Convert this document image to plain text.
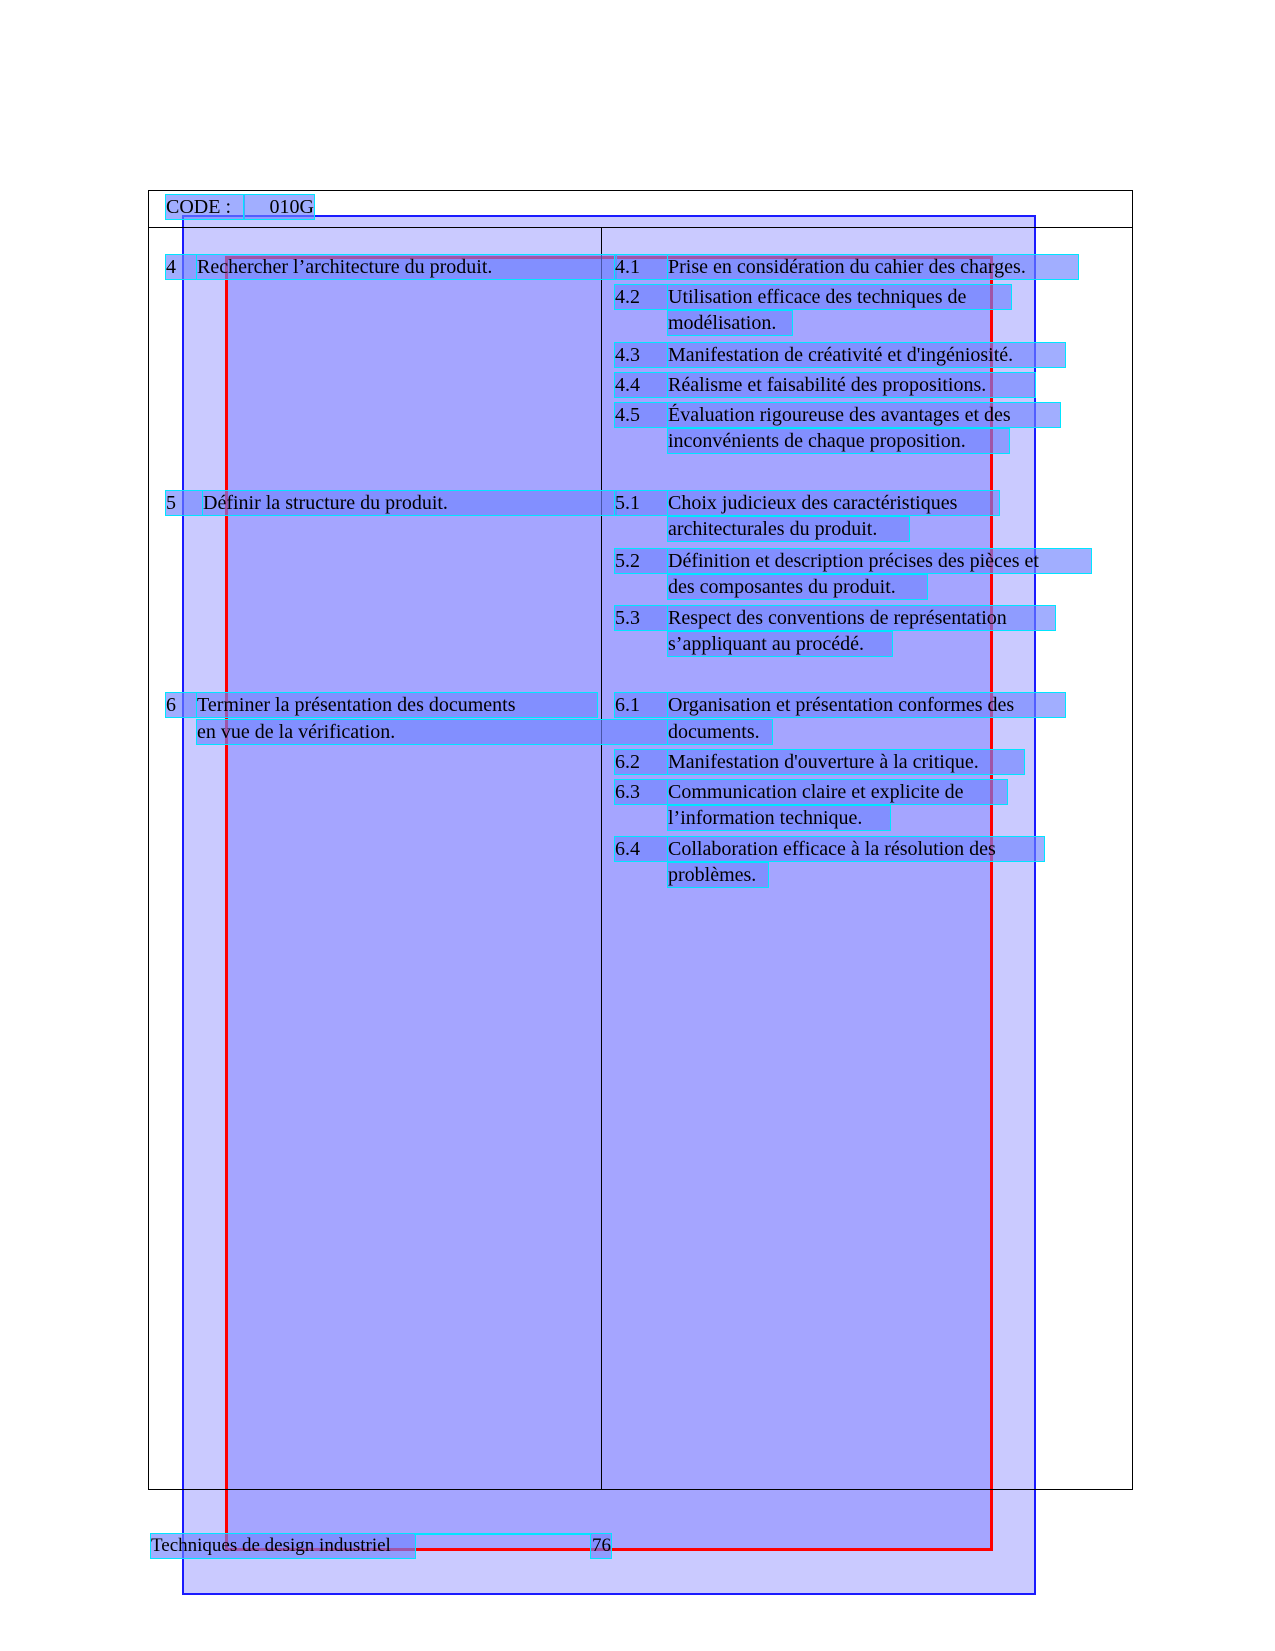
CODE :	010G
4	Rechercher l’architecture du produit.	4.1	Prise en considération du cahier des charges.
4.2	Utilisation efficace des techniques de
modélisation.
4.3	Manifestation de créativité et d'ingéniosité.
4.4	Réalisme et faisabilité des propositions.
4.5	Évaluation rigoureuse des avantages et des
inconvénients de chaque proposition.
5	Définir la structure du produit.	5.1	Choix judicieux des caractéristiques
architecturales du produit.
5.2	Définition et description précises des pièces et
des composantes du produit.
5.3	Respect des conventions de représentation
s’appliquant au procédé.
6	Terminer la présentation des documents
en vue de la vérification.
6.1	Organisation et présentation conformes des
documents.
6.2	Manifestation d'ouverture à la critique.
6.3	Communication claire et explicite de
l’information technique.
6.4	Collaboration efficace à la résolution des
problèmes.
Techniques de design industriel	76
